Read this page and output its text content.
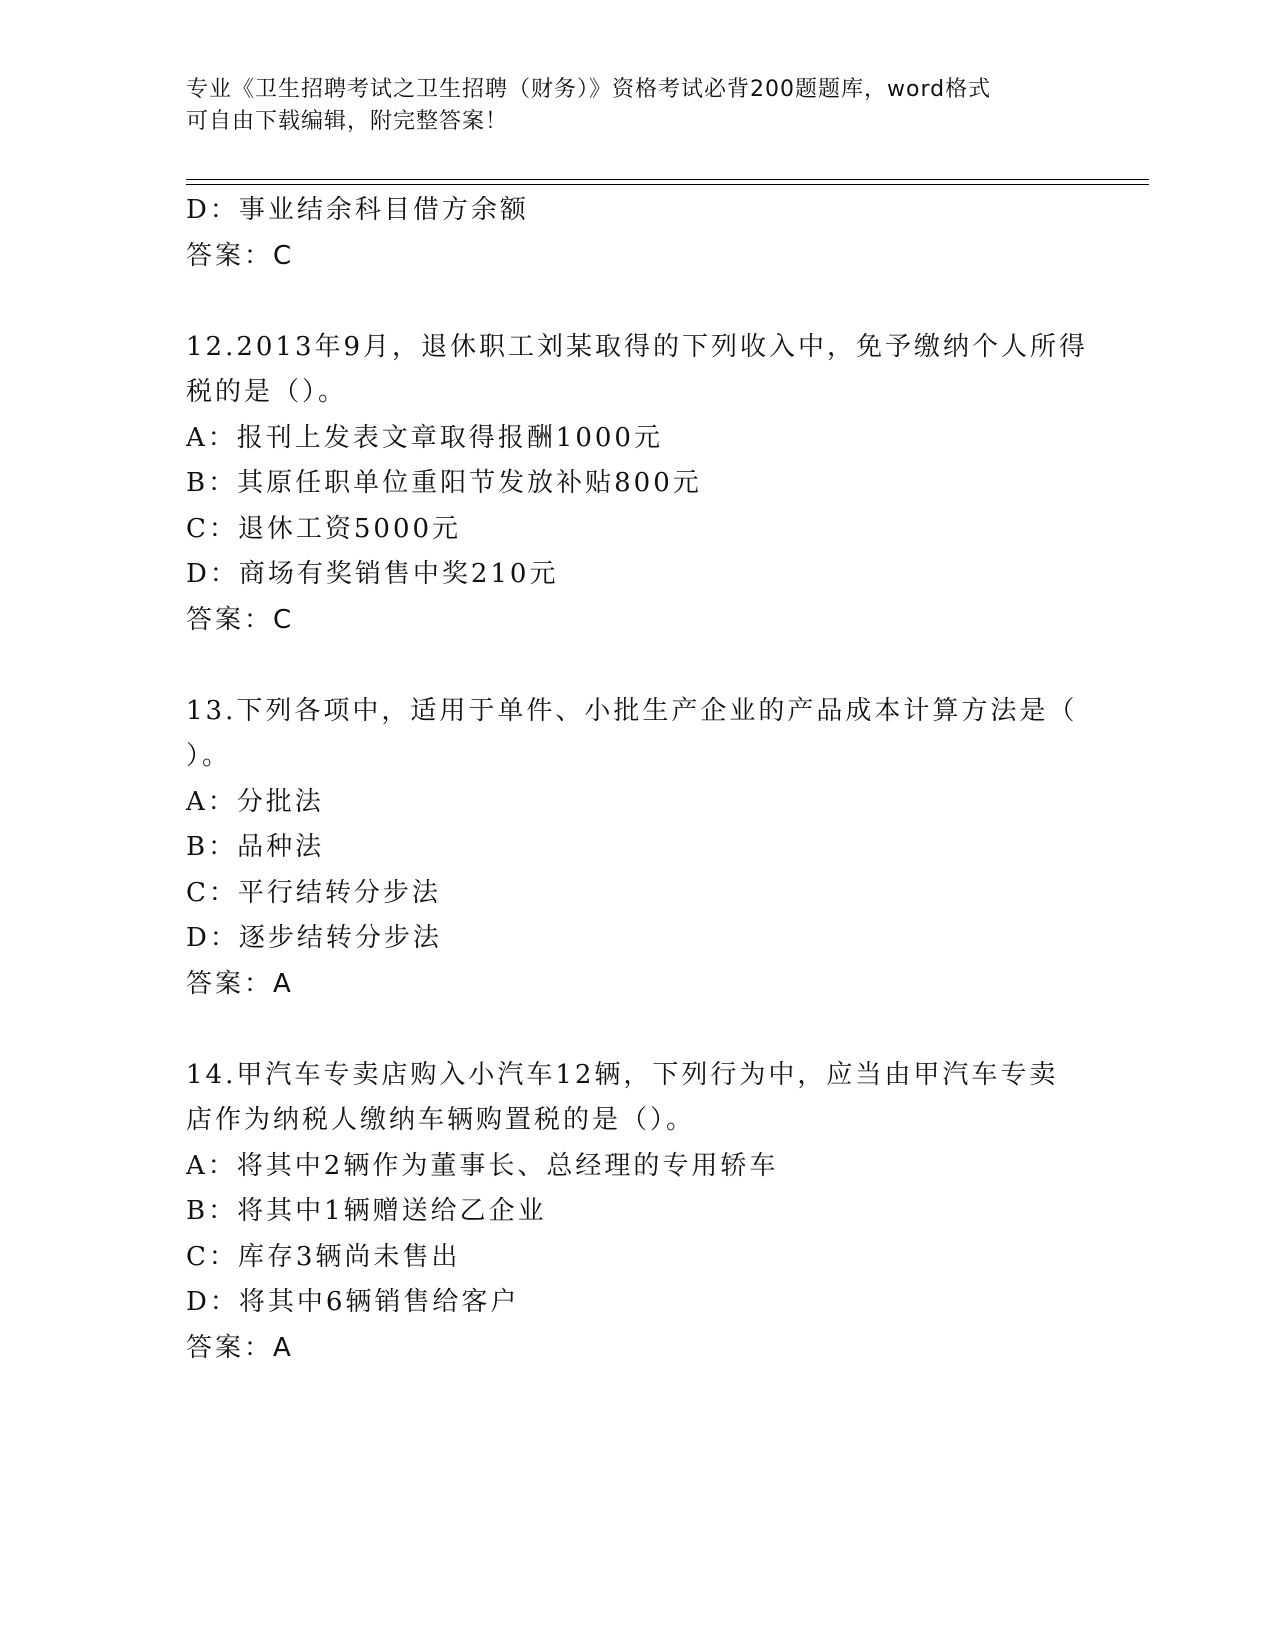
专业《卫生招聘考试之卫生招聘（财务）》资格考试必背200题题库，word格式
可自由下载编辑，附完整答案！
D：事业结余科目借方余额
答案：C
12.2013年9月，退休职工刘某取得的下列收入中，免予缴纳个人所得
税的是（）。
A：报刊上发表文章取得报酬1000元
B：其原任职单位重阳节发放补贴800元
C：退休工资5000元
D：商场有奖销售中奖210元
答案：C
13.下列各项中，适用于单件、小批生产企业的产品成本计算方法是（
）。
A：分批法
B：品种法
C：平行结转分步法
D：逐步结转分步法
答案：A
14.甲汽车专卖店购入小汽车12辆，下列行为中，应当由甲汽车专卖
店作为纳税人缴纳车辆购置税的是（）。
A：将其中2辆作为董事长、总经理的专用轿车
B：将其中1辆赠送给乙企业
C：库存3辆尚未售出
D：将其中6辆销售给客户
答案：A
